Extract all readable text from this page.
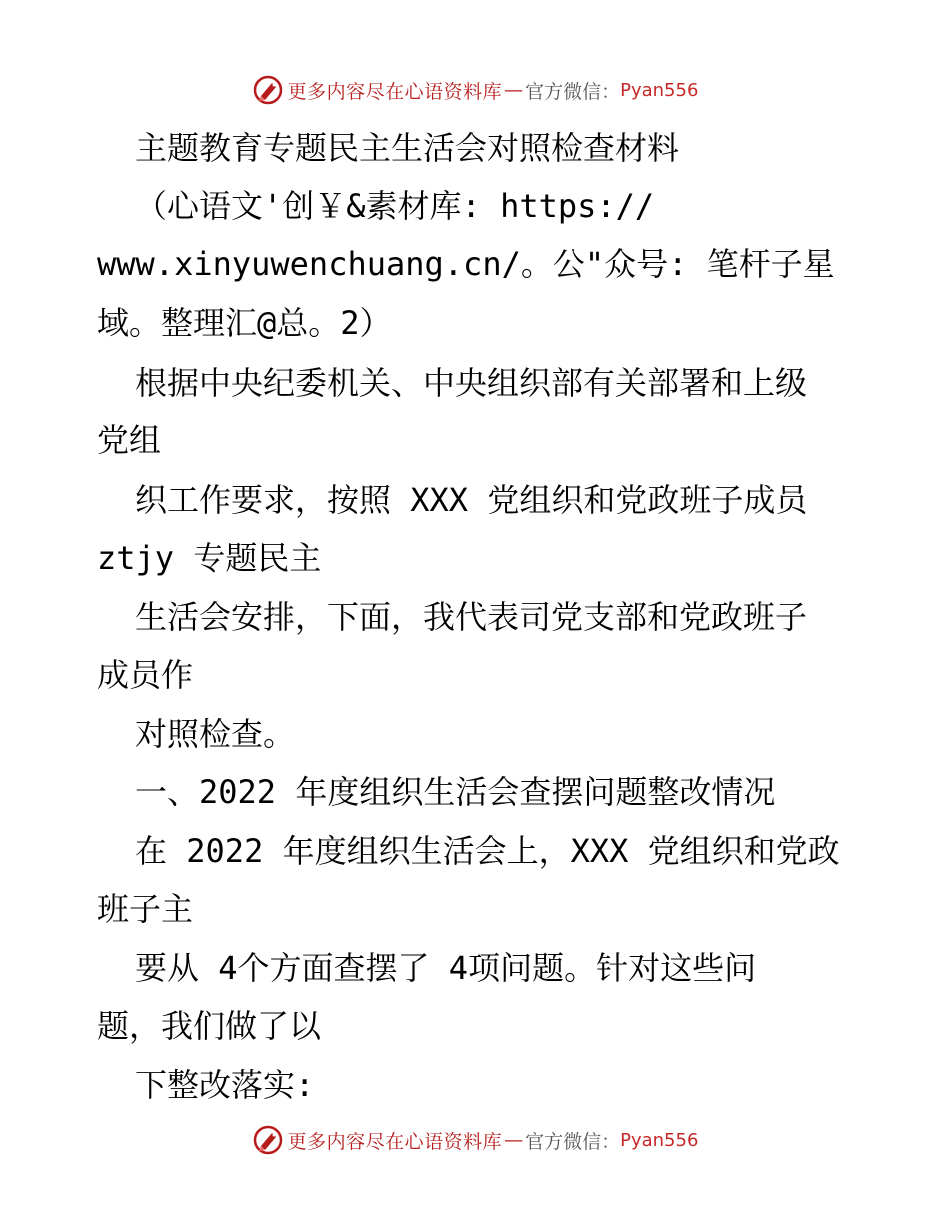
更多内容尽在心语资料库 — 官方微信： Pyan556
主题教育专题民主生活会对照检查材料
（心语文'创￥&素材库: https://
www.xinyuwenchuang.cn/。公"众号: 笔杆子星
域。整理汇@总。2）
根据中央纪委机关、中央组织部有关部署和上级
党组
织工作要求，按照 XXX 党组织和党政班子成员
ztjy 专题民主
生活会安排，下面，我代表司党支部和党政班子
成员作
对照检查。
一、2022 年度组织生活会查摆问题整改情况
在 2022 年度组织生活会上，XXX 党组织和党政
班子主
要从 4个方面查摆了 4项问题。针对这些问
题，我们做了以
下整改落实:
更多内容尽在心语资料库 — 官方微信： Pyan556
